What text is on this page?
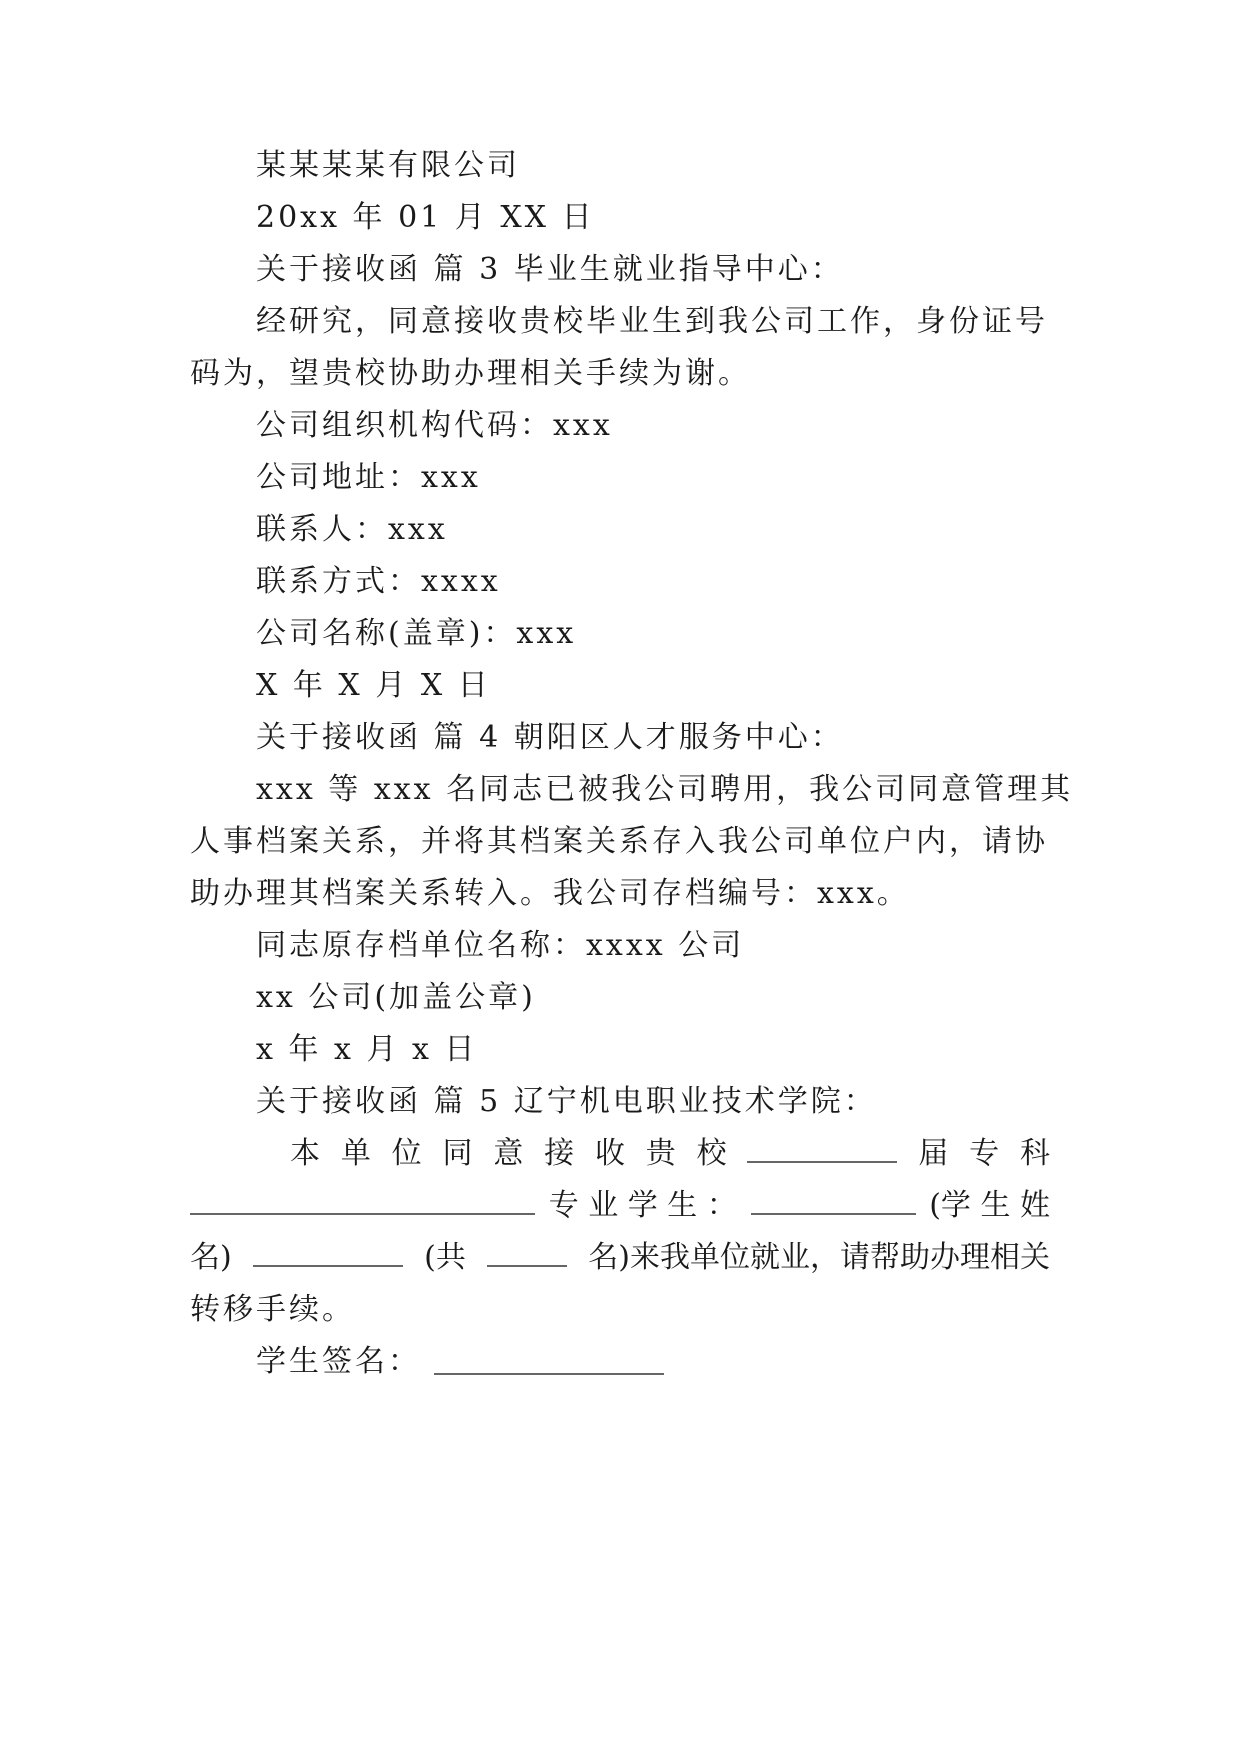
某某某某有限公司
20xx 年 01 月 XX 日
关于接收函 篇 3 毕业生就业指导中心：
经研究，同意接收贵校毕业生到我公司工作，身份证号
码为，望贵校协助办理相关手续为谢。
公司组织机构代码：xxx
公司地址：xxx
联系人：xxx
联系方式：xxxx
公司名称(盖章)：xxx
X 年 X 月 X 日
关于接收函 篇 4 朝阳区人才服务中心：
xxx 等 xxx 名同志已被我公司聘用，我公司同意管理其
人事档案关系，并将其档案关系存入我公司单位户内，请协
助办理其档案关系转入。我公司存档编号：xxx。
同志原存档单位名称：xxxx 公司
xx 公司(加盖公章)
x 年 x 月 x 日
关于接收函 篇 5 辽宁机电职业技术学院：
本 单 位 同 意 接 收 贵 校	届 专 科
专 业 学 生 ：	(学 生 姓
名)	(共	名)来我单位就业，请帮助办理相关
转移手续。
学生签名：
